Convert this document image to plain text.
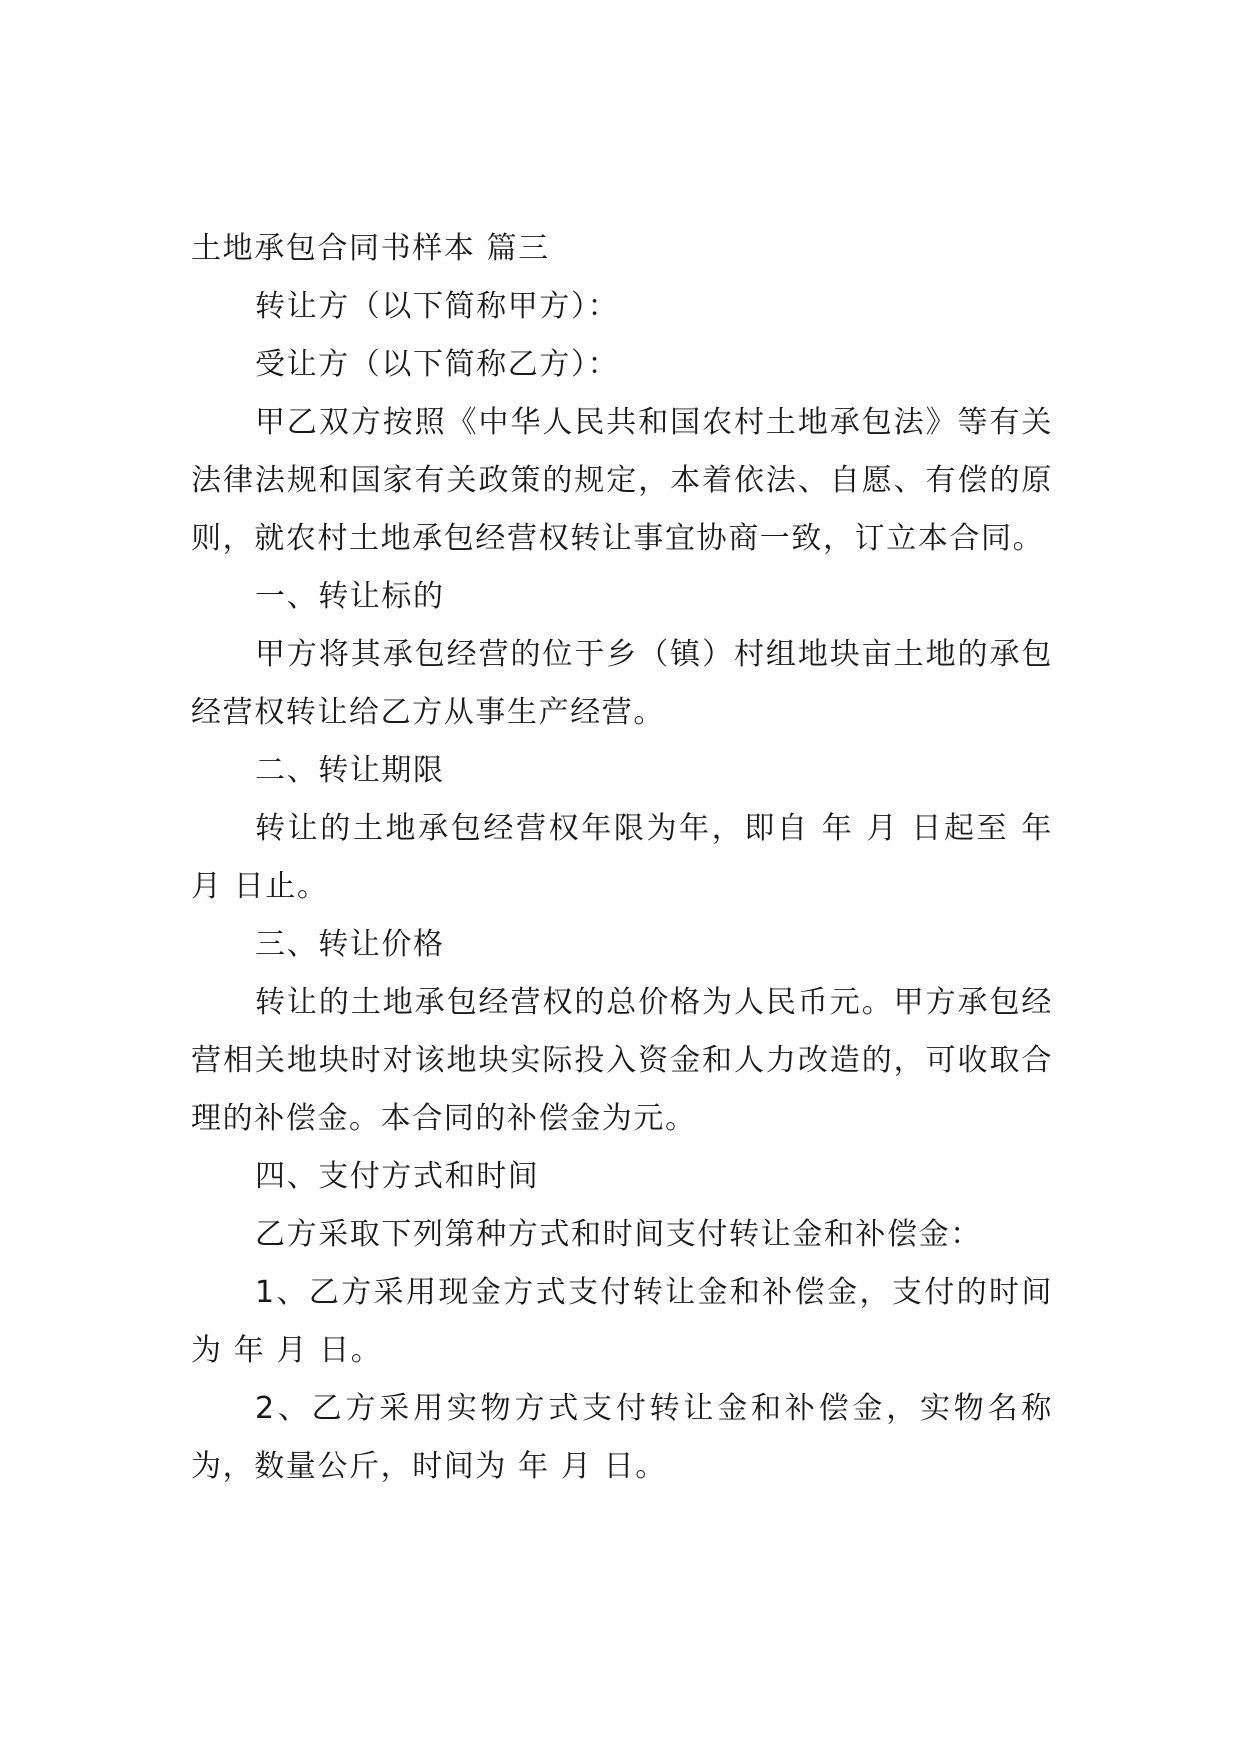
土地承包合同书样本 篇三

转让方（以下简称甲方）：

受让方（以下简称乙方）：

甲乙双方按照《中华人民共和国农村土地承包法》等有关法律法规和国家有关政策的规定，本着依法、自愿、有偿的原则，就农村土地承包经营权转让事宜协商一致，订立本合同。

一、转让标的

甲方将其承包经营的位于乡（镇）村组地块亩土地的承包经营权转让给乙方从事生产经营。

二、转让期限

转让的土地承包经营权年限为年，即自 年 月 日起至 年 月 日止。

三、转让价格

转让的土地承包经营权的总价格为人民币元。甲方承包经营相关地块时对该地块实际投入资金和人力改造的，可收取合理的补偿金。本合同的补偿金为元。

四、支付方式和时间

乙方采取下列第种方式和时间支付转让金和补偿金：

1、乙方采用现金方式支付转让金和补偿金，支付的时间为 年 月 日。

2、乙方采用实物方式支付转让金和补偿金，实物名称为，数量公斤，时间为 年 月 日。
